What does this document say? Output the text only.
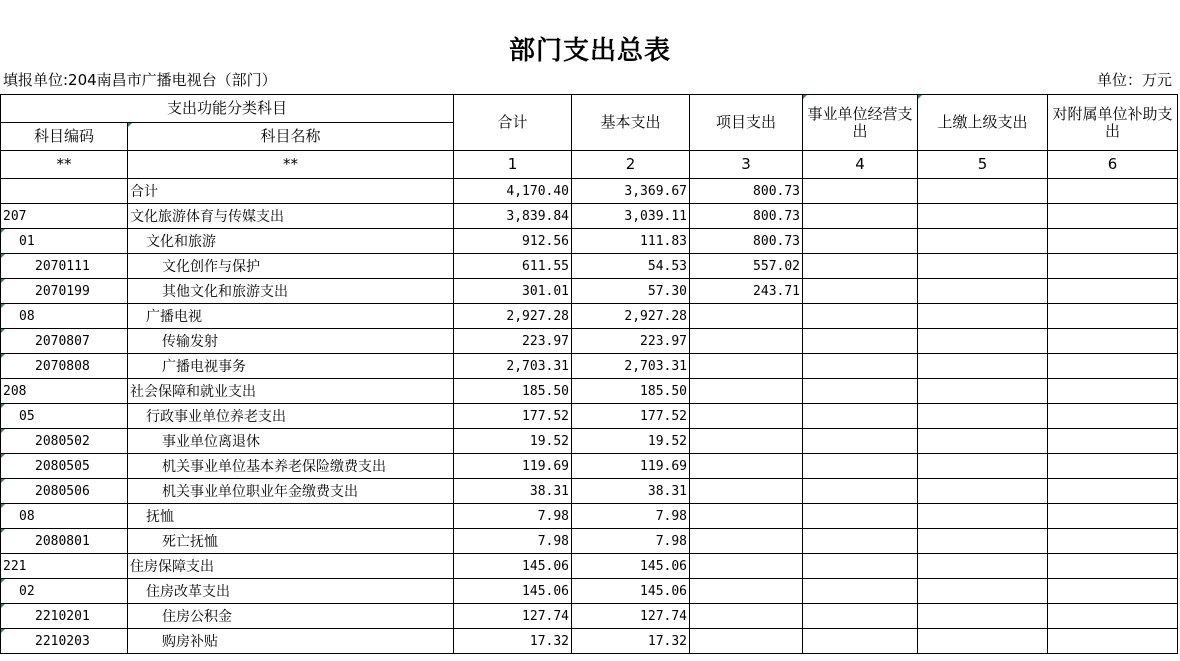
部门支出总表
填报单位:204南昌市广播电视台（部门）	单位：万元
支出功能分类科目		合计	基本支出	项目支出	事业单位经营支出	上缴上级支出	对附属单位补助支出
科目编码	科目名称						
**	**	1	2	3	4	5	6
	合计	4,170.40	3,369.67	800.73			
207	文化旅游体育与传媒支出	3,839.84	3,039.11	800.73			
01	文化和旅游	912.56	111.83	800.73			
2070111	文化创作与保护	611.55	54.53	557.02			
2070199	其他文化和旅游支出	301.01	57.30	243.71			
08	广播电视	2,927.28	2,927.28				
2070807	传输发射	223.97	223.97				
2070808	广播电视事务	2,703.31	2,703.31				
208	社会保障和就业支出	185.50	185.50				
05	行政事业单位养老支出	177.52	177.52				
2080502	事业单位离退休	19.52	19.52				
2080505	机关事业单位基本养老保险缴费支出	119.69	119.69				
2080506	机关事业单位职业年金缴费支出	38.31	38.31				
08	抚恤	7.98	7.98				
2080801	死亡抚恤	7.98	7.98				
221	住房保障支出	145.06	145.06				
02	住房改革支出	145.06	145.06				
2210201	住房公积金	127.74	127.74				
2210203	购房补贴	17.32	17.32				
